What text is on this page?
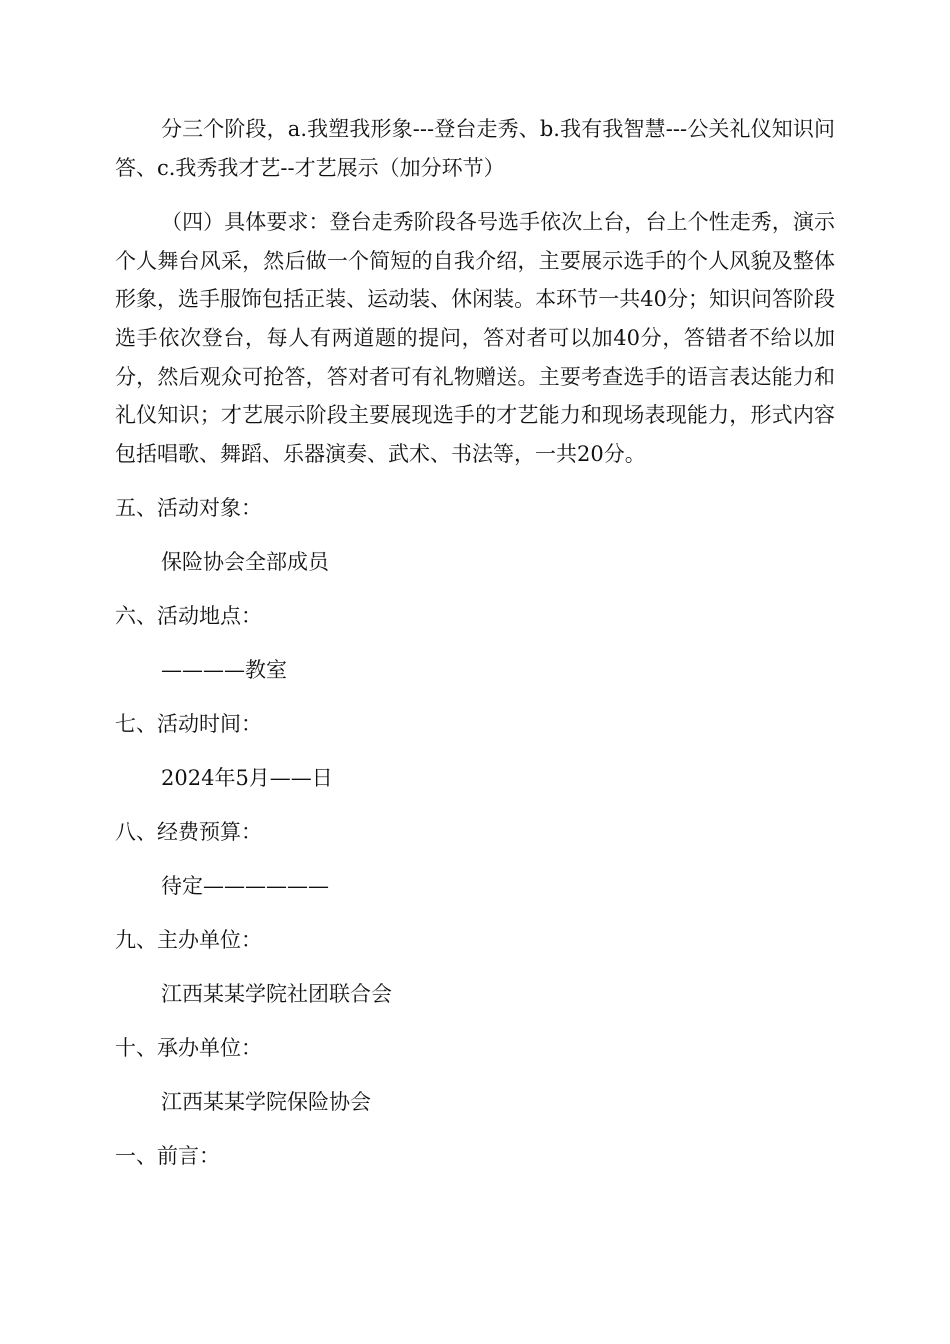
分三个阶段，a.我塑我形象---登台走秀、b.我有我智慧---公关礼仪知识问答、c.我秀我才艺--才艺展示（加分环节）

（四）具体要求：登台走秀阶段各号选手依次上台，台上个性走秀，演示个人舞台风采，然后做一个简短的自我介绍，主要展示选手的个人风貌及整体形象，选手服饰包括正装、运动装、休闲装。本环节一共40分；知识问答阶段选手依次登台，每人有两道题的提问，答对者可以加40分，答错者不给以加分，然后观众可抢答，答对者可有礼物赠送。主要考查选手的语言表达能力和礼仪知识；才艺展示阶段主要展现选手的才艺能力和现场表现能力，形式内容包括唱歌、舞蹈、乐器演奏、武术、书法等，一共20分。

五、活动对象：
保险协会全部成员
六、活动地点：
————教室
七、活动时间：
2024年5月——日
八、经费预算：
待定——————
九、主办单位：
江西某某学院社团联合会
十、承办单位：
江西某某学院保险协会
一、前言：
